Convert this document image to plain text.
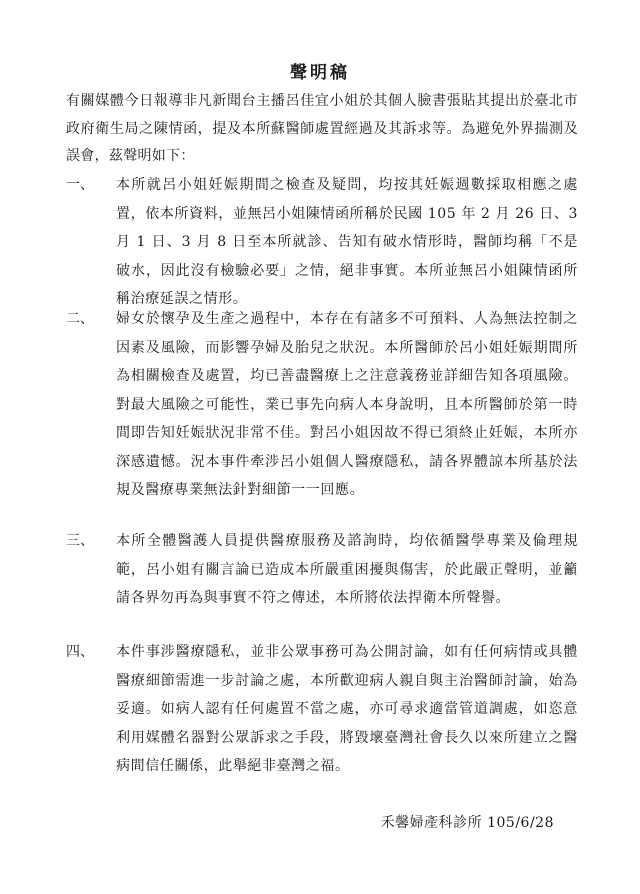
聲明稿
有關媒體今日報導非凡新聞台主播呂佳宜小姐於其個人臉書張貼其提出於臺北市政府衛生局之陳情函，提及本所蘇醫師處置經過及其訴求等。為避免外界揣測及誤會，茲聲明如下：
一、	本所就呂小姐妊娠期間之檢查及疑問，均按其妊娠週數採取相應之處置，依本所資料，並無呂小姐陳情函所稱於民國 105 年 2 月 26 日、3 月 1 日、3 月 8 日至本所就診、告知有破水情形時，醫師均稱「不是破水，因此沒有檢驗必要」之情，絕非事實。本所並無呂小姐陳情函所稱治療延誤之情形。
二、	婦女於懷孕及生產之過程中，本存在有諸多不可預料、人為無法控制之因素及風險，而影響孕婦及胎兒之狀況。本所醫師於呂小姐妊娠期間所為相關檢查及處置，均已善盡醫療上之注意義務並詳細告知各項風險。對最大風險之可能性，業已事先向病人本身說明，且本所醫師於第一時間即告知妊娠狀況非常不佳。對呂小姐因故不得已須終止妊娠，本所亦深感遺憾。況本事件牽涉呂小姐個人醫療隱私，請各界體諒本所基於法規及醫療專業無法針對細節一一回應。
三、	本所全體醫護人員提供醫療服務及諮詢時，均依循醫學專業及倫理規範，呂小姐有關言論已造成本所嚴重困擾與傷害，於此嚴正聲明，並籲請各界勿再為與事實不符之傳述，本所將依法捍衛本所聲譽。
四、	本件事涉醫療隱私，並非公眾事務可為公開討論，如有任何病情或具體醫療細節需進一步討論之處，本所歡迎病人親自與主治醫師討論，始為妥適。如病人認有任何處置不當之處，亦可尋求適當管道調處，如恣意利用媒體名器對公眾訴求之手段，將毀壞臺灣社會長久以來所建立之醫病間信任關係，此舉絕非臺灣之福。
禾馨婦產科診所 105/6/28
